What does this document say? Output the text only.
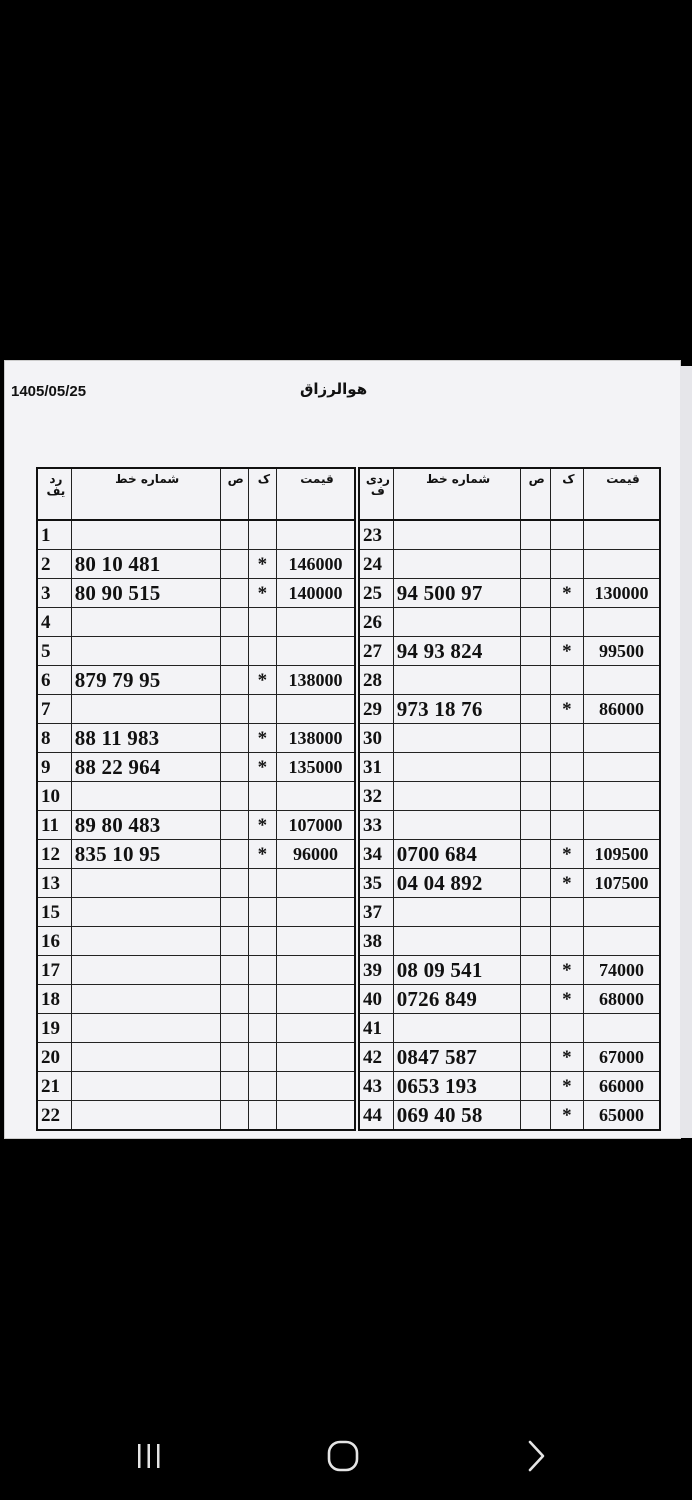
1405/05/25	هوالرزاق
رد
یف	شماره خط	ص	ک	قیمت
1				
2	80 10 481		*	146000
3	80 90 515		*	140000
4				
5				
6	879 79 95		*	138000
7				
8	88 11 983		*	138000
9	88 22 964		*	135000
10				
11	89 80 483		*	107000
12	835 10 95		*	96000
13				
15				
16				
17				
18				
19				
20				
21				
22				
ردی
ف	شماره خط	ص	ک	قیمت
23				
24				
25	94 500 97		*	130000
26				
27	94 93 824		*	99500
28				
29	973 18 76		*	86000
30				
31				
32				
33				
34	0700 684		*	109500
35	04 04 892		*	107500
37				
38				
39	08 09 541		*	74000
40	0726 849		*	68000
41				
42	0847 587		*	67000
43	0653 193		*	66000
44	069 40 58		*	65000
